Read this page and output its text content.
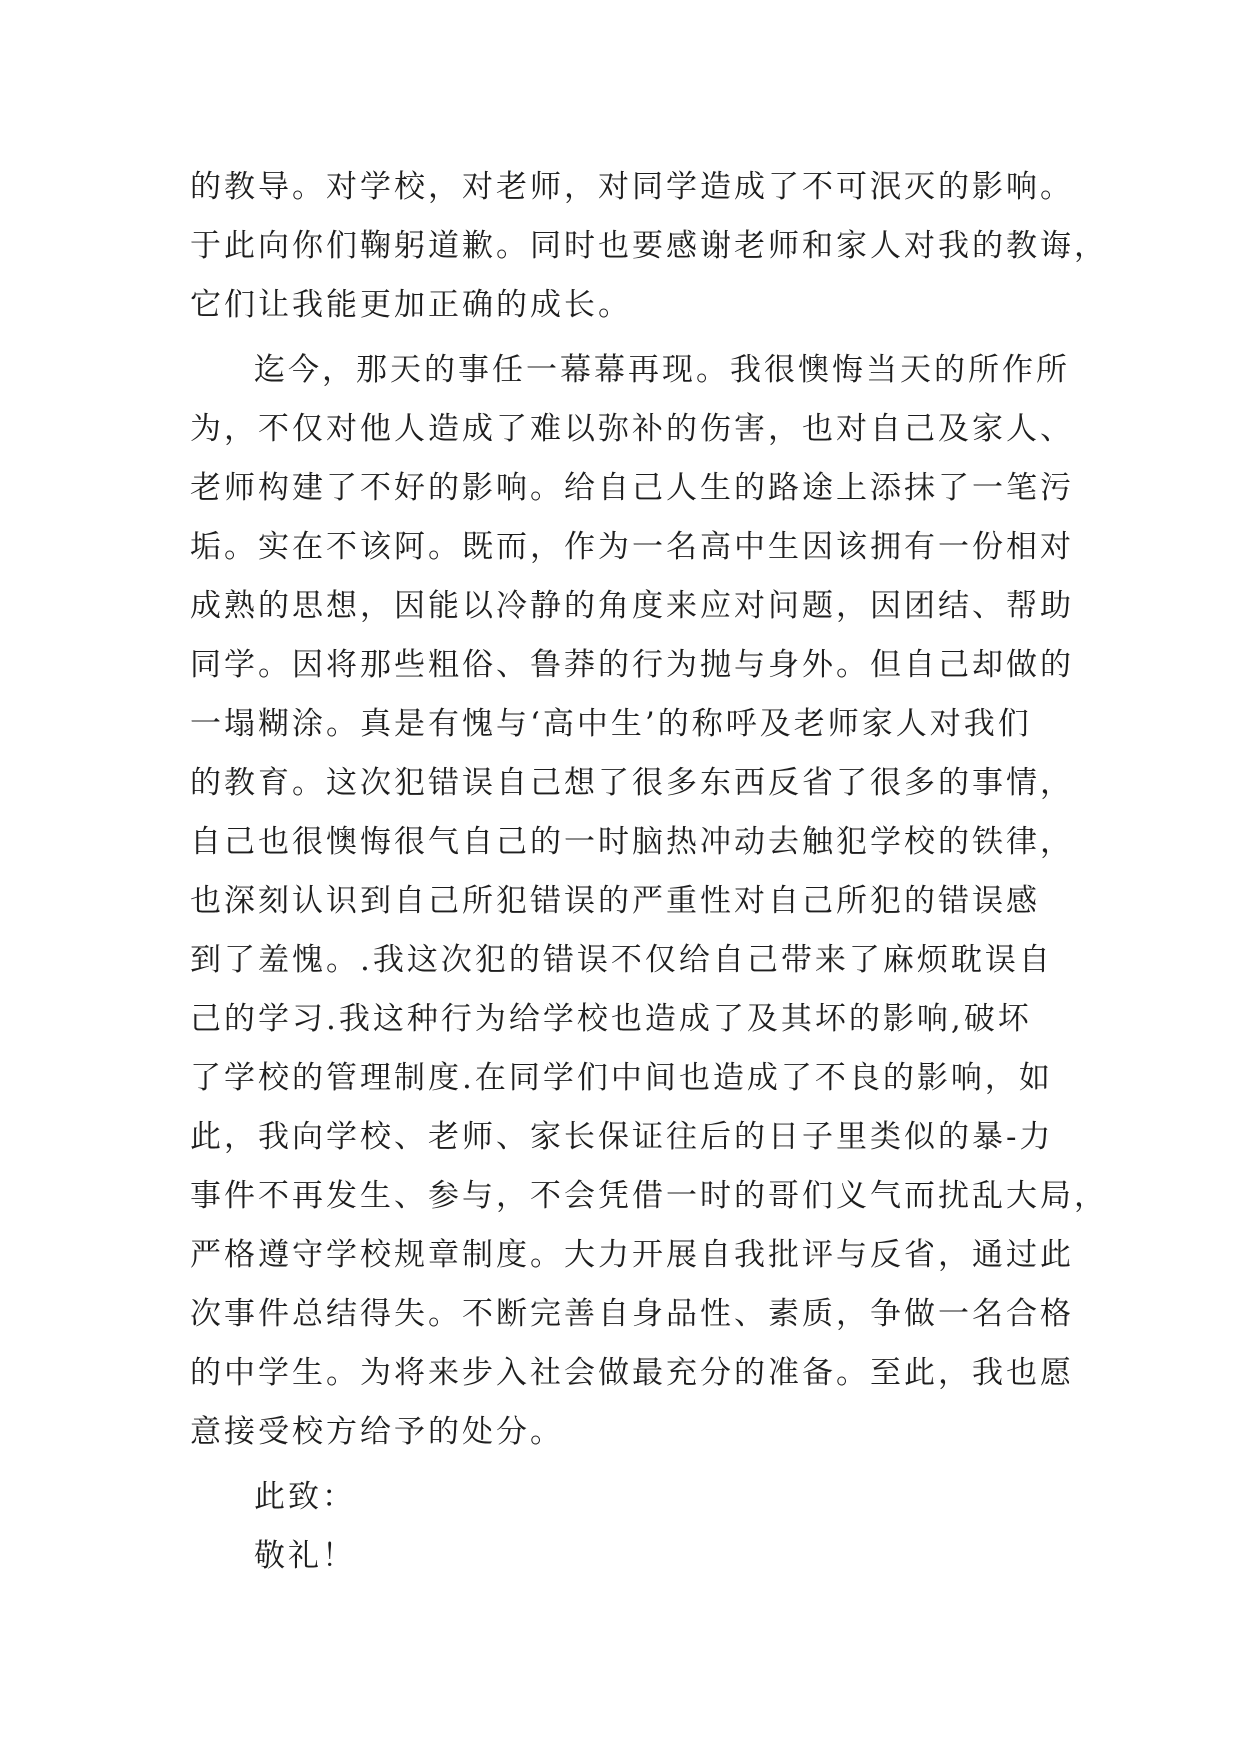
的教导。对学校，对老师，对同学造成了不可泯灭的影响。
于此向你们鞠躬道歉。同时也要感谢老师和家人对我的教诲，
它们让我能更加正确的成长。
迄今，那天的事任一幕幕再现。我很懊悔当天的所作所
为，不仅对他人造成了难以弥补的伤害，也对自己及家人、
老师构建了不好的影响。给自己人生的路途上添抹了一笔污
垢。实在不该阿。既而，作为一名高中生因该拥有一份相对
成熟的思想，因能以冷静的角度来应对问题，因团结、帮助
同学。因将那些粗俗、鲁莽的行为抛与身外。但自己却做的
一塌糊涂。真是有愧与‘高中生’的称呼及老师家人对我们
的教育。这次犯错误自己想了很多东西反省了很多的事情，
自己也很懊悔很气自己的一时脑热冲动去触犯学校的铁律，
也深刻认识到自己所犯错误的严重性对自己所犯的错误感
到了羞愧。.我这次犯的错误不仅给自己带来了麻烦耽误自
己的学习.我这种行为给学校也造成了及其坏的影响,破坏
了学校的管理制度.在同学们中间也造成了不良的影响，如
此，我向学校、老师、家长保证往后的日子里类似的暴-力
事件不再发生、参与，不会凭借一时的哥们义气而扰乱大局，
严格遵守学校规章制度。大力开展自我批评与反省，通过此
次事件总结得失。不断完善自身品性、素质，争做一名合格
的中学生。为将来步入社会做最充分的准备。至此，我也愿
意接受校方给予的处分。
此致：
敬礼！
